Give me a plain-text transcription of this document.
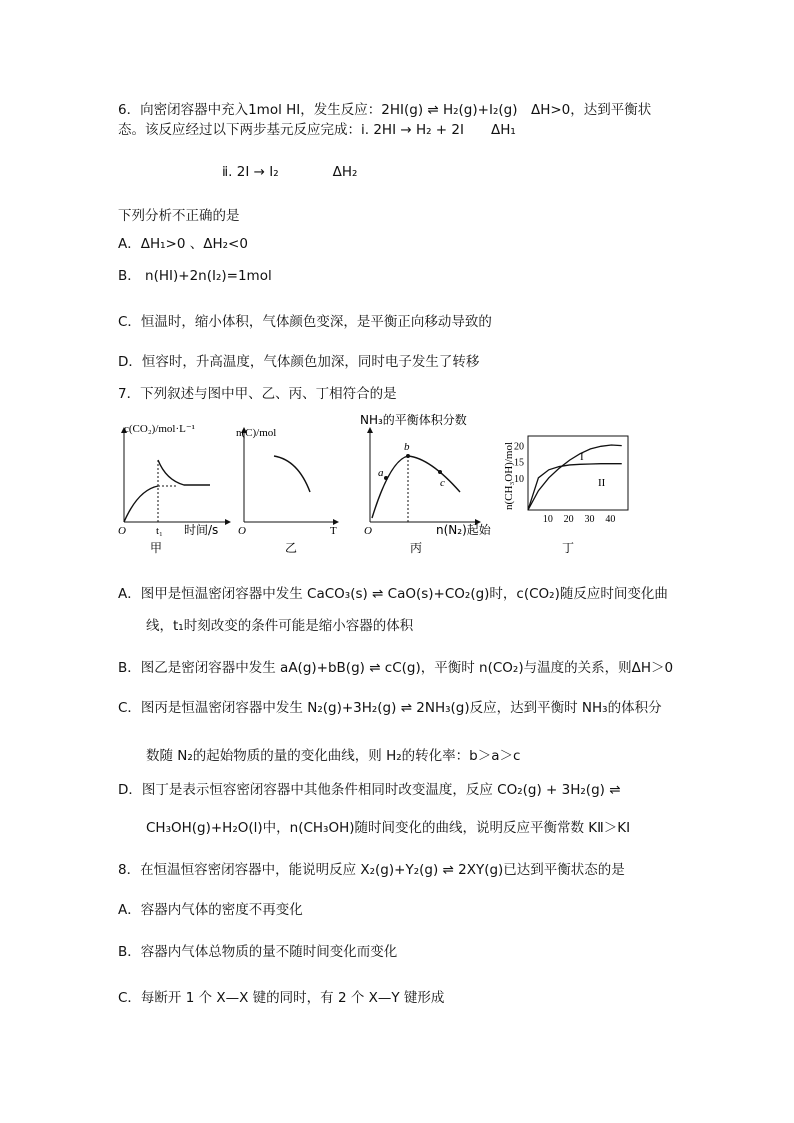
6．向密闭容器中充入1mol HI，发生反应：2HI(g) ⇌ H₂(g)+I₂(g)　ΔH>0，达到平衡状
态。该反应经过以下两步基元反应完成：ⅰ. 2HI → H₂ + 2I　　ΔH₁
ⅱ. 2I → I₂　　　　ΔH₂
下列分析不正确的是
A．ΔH₁>0 、ΔH₂<0
B． n(HI)+2n(I₂)=1mol
C．恒温时，缩小体积，气体颜色变深，是平衡正向移动导致的
D．恒容时，升高温度，气体颜色加深，同时电子发生了转移
7．下列叙述与图中甲、乙、丙、丁相符合的是
c(CO₂)/mol·L⁻¹
O	t₁ 时间/s
甲
n(C)/mol
O	T
乙
NH₃的平衡体积分数
O	n(N₂)起始
a
b
c
丙
n(CH₃OH)/mol
10 20 30 40
10
15
20
I
II
丁
A．图甲是恒温密闭容器中发生 CaCO₃(s) ⇌ CaO(s)+CO₂(g)时，c(CO₂)随反应时间变化曲
线，t₁时刻改变的条件可能是缩小容器的体积
B．图乙是密闭容器中发生 aA(g)+bB(g) ⇌ cC(g)，平衡时 n(CO₂)与温度的关系，则ΔH＞0
C．图丙是恒温密闭容器中发生 N₂(g)+3H₂(g) ⇌ 2NH₃(g)反应，达到平衡时 NH₃的体积分
数随 N₂的起始物质的量的变化曲线，则 H₂的转化率：b＞a＞c
D．图丁是表示恒容密闭容器中其他条件相同时改变温度，反应 CO₂(g) + 3H₂(g) ⇌
CH₃OH(g)+H₂O(l)中，n(CH₃OH)随时间变化的曲线，说明反应平衡常数 KⅡ＞KⅠ
8．在恒温恒容密闭容器中，能说明反应 X₂(g)+Y₂(g) ⇌ 2XY(g)已达到平衡状态的是
A．容器内气体的密度不再变化
B．容器内气体总物质的量不随时间变化而变化
C．每断开 1 个 X—X 键的同时，有 2 个 X—Y 键形成
